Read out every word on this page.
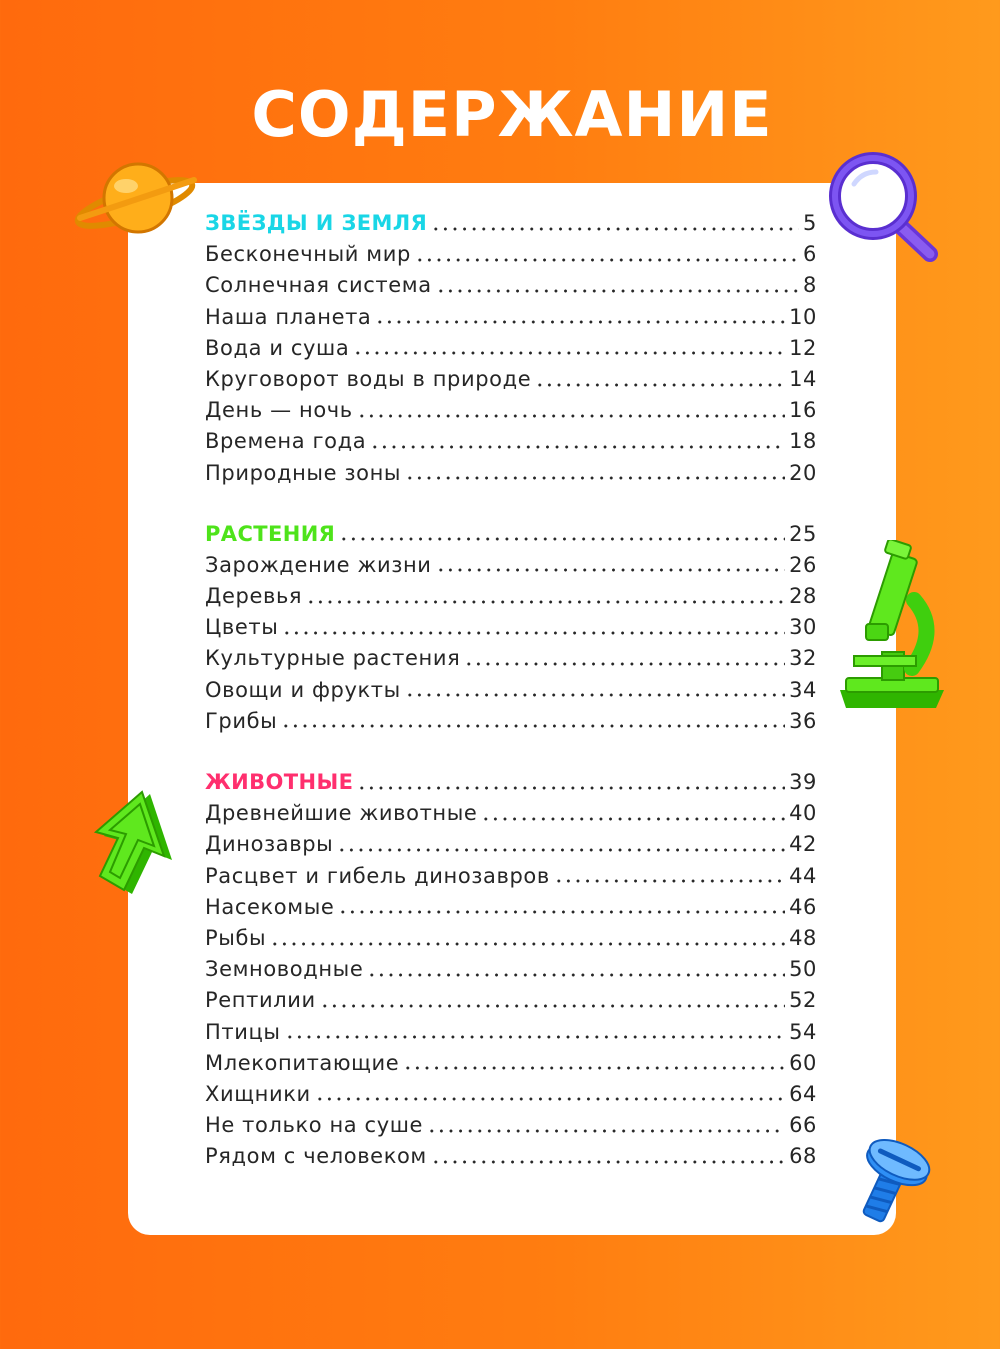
СОДЕРЖАНИЕ
ЗВЁЗДЫ И ЗЕМЛЯ	5
Бесконечный мир	6
Солнечная система	8
Наша планета	10
Вода и суша	12
Круговорот воды в природе	14
День — ночь	16
Времена года	18
Природные зоны	20
РАСТЕНИЯ	25
Зарождение жизни	26
Деревья	28
Цветы	30
Культурные растения	32
Овощи и фрукты	34
Грибы	36
ЖИВОТНЫЕ	39
Древнейшие животные	40
Динозавры	42
Расцвет и гибель динозавров	44
Насекомые	46
Рыбы	48
Земноводные	50
Рептилии	52
Птицы	54
Млекопитающие	60
Хищники	64
Не только на суше	66
Рядом с человеком	68
